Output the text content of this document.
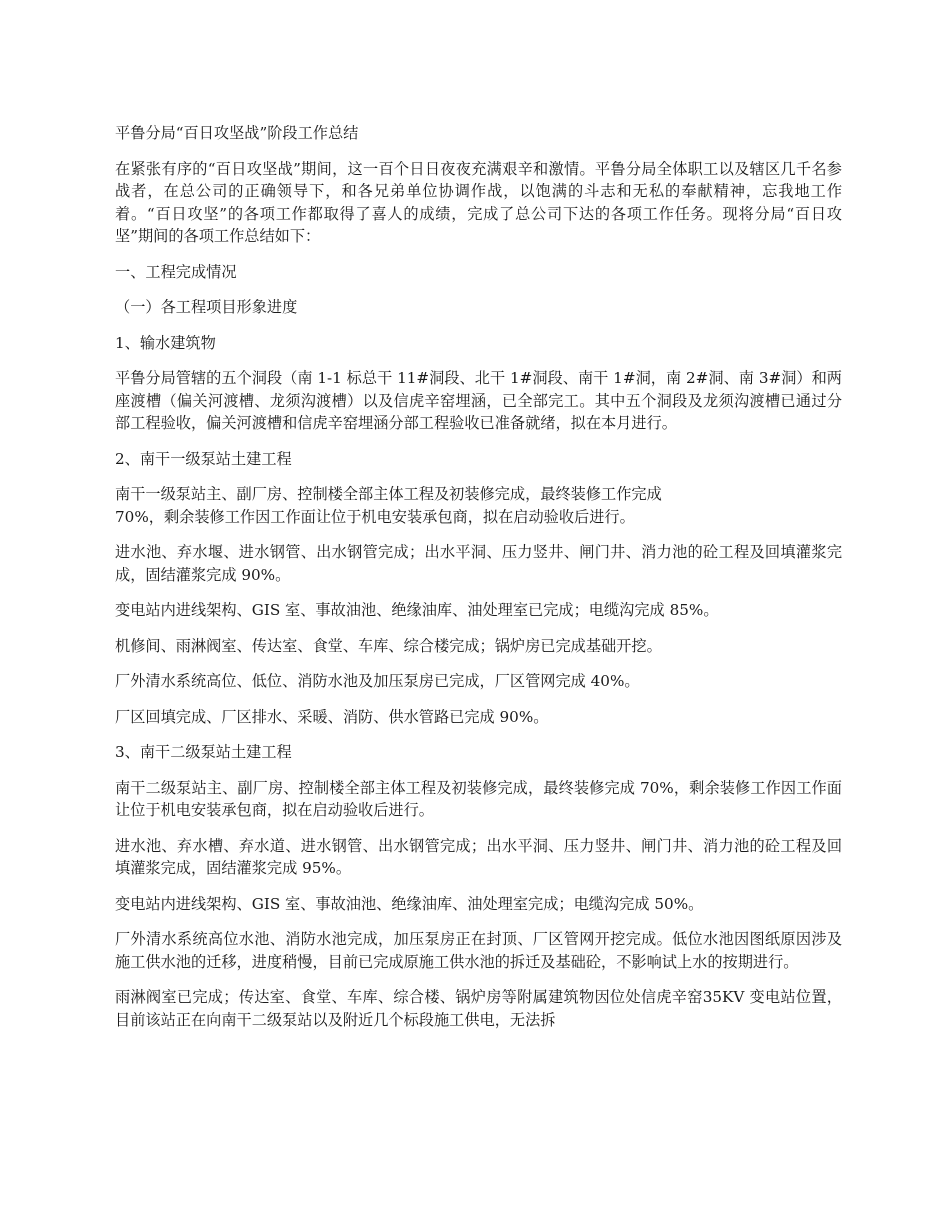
平鲁分局“百日攻坚战”阶段工作总结

在紧张有序的“百日攻坚战”期间，这一百个日日夜夜充满艰辛和激情。平鲁分局全体职工以及辖区几千名参战者，在总公司的正确领导下，和各兄弟单位协调作战，以饱满的斗志和无私的奉献精神，忘我地工作着。“百日攻坚”的各项工作都取得了喜人的成绩，完成了总公司下达的各项工作任务。现将分局“百日攻坚”期间的各项工作总结如下：

一、工程完成情况

（一）各工程项目形象进度

1、输水建筑物

平鲁分局管辖的五个洞段（南 1-1 标总干 11#洞段、北干 1#洞段、南干 1#洞，南 2#洞、南 3#洞）和两座渡槽（偏关河渡槽、龙须沟渡槽）以及信虎辛窑埋涵，已全部完工。其中五个洞段及龙须沟渡槽已通过分部工程验收，偏关河渡槽和信虎辛窑埋涵分部工程验收已准备就绪，拟在本月进行。

2、南干一级泵站土建工程

南干一级泵站主、副厂房、控制楼全部主体工程及初装修完成，最终装修工作完成
70%，剩余装修工作因工作面让位于机电安装承包商，拟在启动验收后进行。

进水池、弃水堰、进水钢管、出水钢管完成；出水平洞、压力竖井、闸门井、消力池的砼工程及回填灌浆完成，固结灌浆完成 90%。

变电站内进线架构、GIS 室、事故油池、绝缘油库、油处理室已完成；电缆沟完成 85%。

机修间、雨淋阀室、传达室、食堂、车库、综合楼完成；锅炉房已完成基础开挖。

厂外清水系统高位、低位、消防水池及加压泵房已完成，厂区管网完成 40%。

厂区回填完成、厂区排水、采暖、消防、供水管路已完成 90%。

3、南干二级泵站土建工程

南干二级泵站主、副厂房、控制楼全部主体工程及初装修完成，最终装修完成 70%，剩余装修工作因工作面让位于机电安装承包商，拟在启动验收后进行。

进水池、弃水槽、弃水道、进水钢管、出水钢管完成；出水平洞、压力竖井、闸门井、消力池的砼工程及回填灌浆完成，固结灌浆完成 95%。

变电站内进线架构、GIS 室、事故油池、绝缘油库、油处理室完成；电缆沟完成 50%。

厂外清水系统高位水池、消防水池完成，加压泵房正在封顶、厂区管网开挖完成。低位水池因图纸原因涉及施工供水池的迁移，进度稍慢，目前已完成原施工供水池的拆迁及基础砼，不影响试上水的按期进行。

雨淋阀室已完成；传达室、食堂、车库、综合楼、锅炉房等附属建筑物因位处信虎辛窑35KV 变电站位置，目前该站正在向南干二级泵站以及附近几个标段施工供电，无法拆
